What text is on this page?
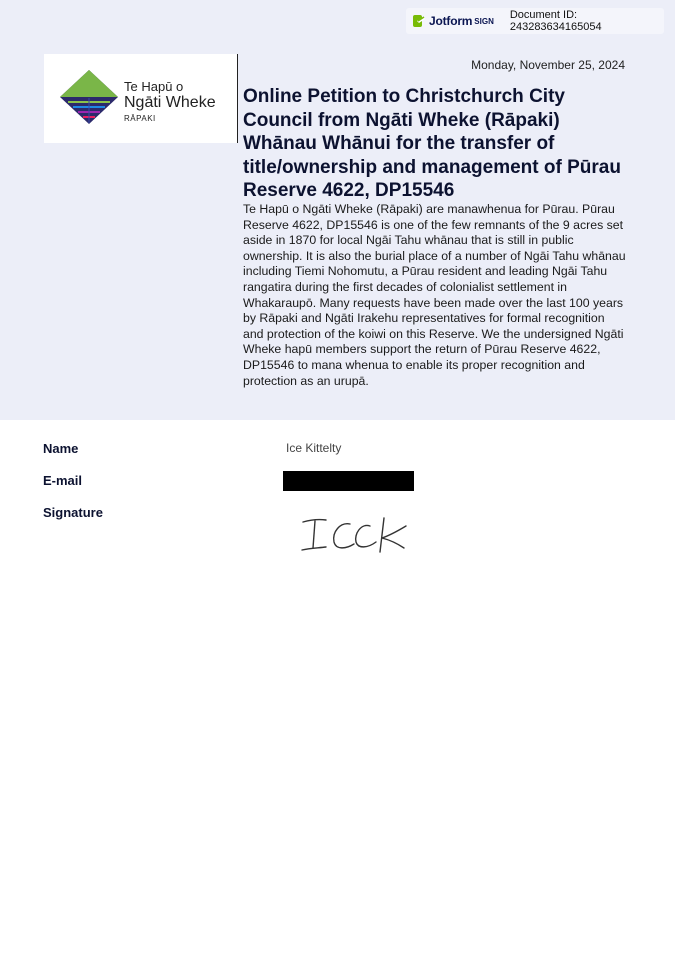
Jotform SIGN Document ID: 243283634165054
Te Hapū o
Ngāti Wheke
RĀPAKI
Monday, November 25, 2024
Online Petition to Christchurch City Council from Ngāti Wheke (Rāpaki) Whānau Whānui for the transfer of title/ownership and management of Pūrau Reserve 4622, DP15546

Te Hapū o Ngāti Wheke (Rāpaki) are manawhenua for Pūrau. Pūrau Reserve 4622, DP15546 is one of the few remnants of the 9 acres set aside in 1870 for local Ngāi Tahu whānau that is still in public ownership. It is also the burial place of a number of Ngāi Tahu whānau including Tiemi Nohomutu, a Pūrau resident and leading Ngāi Tahu rangatira during the first decades of colonialist settlement in Whakaraupō. Many requests have been made over the last 100 years by Rāpaki and Ngāti Irakehu representatives for formal recognition and protection of the koiwi on this Reserve. We the undersigned Ngāti Wheke hapū members support the return of Pūrau Reserve 4622, DP15546 to mana whenua to enable its proper recognition and protection as an urupā.

Name	Ice Kittelty
E-mail
Signature
